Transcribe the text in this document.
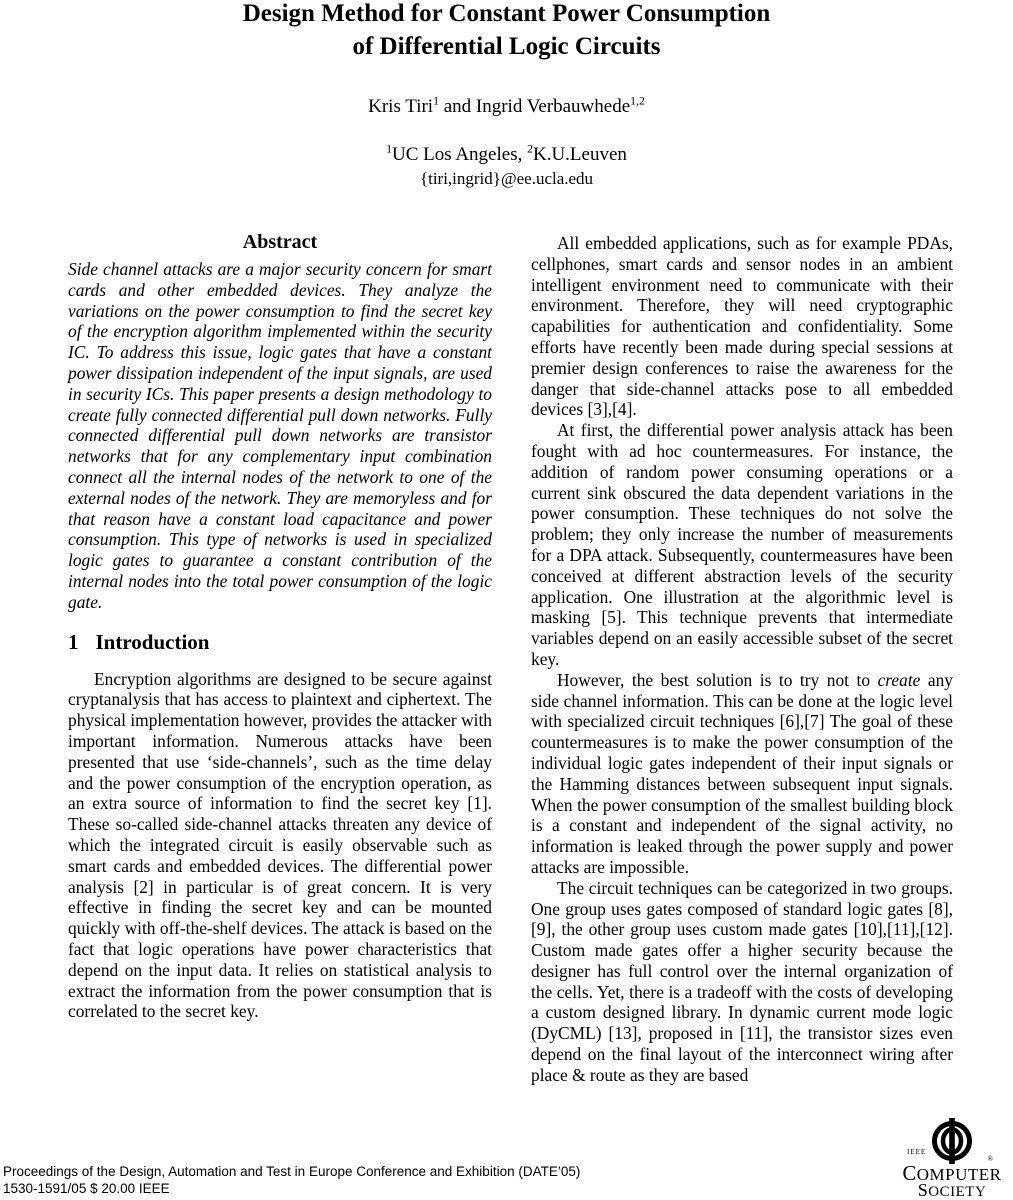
Design Method for Constant Power Consumption
of Differential Logic Circuits
Kris Tiri$^1$ and Ingrid Verbauwhede$^{1,2}$
$^1$UC Los Angeles, $^2$K.U.Leuven
{tiri,ingrid}@ee.ucla.edu
Abstract

Side channel attacks are a major security concern for smart cards and other embedded devices. They analyze the variations on the power consumption to find the secret key of the encryption algorithm implemented within the security IC. To address this issue, logic gates that have a constant power dissipation independent of the input signals, are used in security ICs. This paper presents a design methodology to create fully connected differential pull down networks. Fully connected differential pull down networks are transistor networks that for any complementary input combination connect all the internal nodes of the network to one of the external nodes of the network. They are memoryless and for that reason have a constant load capacitance and power consumption. This type of networks is used in specialized logic gates to guarantee a constant contribution of the internal nodes into the total power consumption of the logic gate.

1 Introduction

Encryption algorithms are designed to be secure against cryptanalysis that has access to plaintext and ciphertext. The physical implementation however, provides the attacker with important information. Numerous attacks have been presented that use ‘side-channels’, such as the time delay and the power consumption of the encryption operation, as an extra source of information to find the secret key [1]. These so-called side-channel attacks threaten any device of which the integrated circuit is easily observable such as smart cards and embedded devices. The differential power analysis [2] in particular is of great concern. It is very effective in finding the secret key and can be mounted quickly with off-the-shelf devices. The attack is based on the fact that logic operations have power characteristics that depend on the input data. It relies on statistical analysis to extract the information from the power consumption that is correlated to the secret key.

All embedded applications, such as for example PDAs, cellphones, smart cards and sensor nodes in an ambient intelligent environment need to communicate with their environment. Therefore, they will need cryptographic capabilities for authentication and confidentiality. Some efforts have recently been made during special sessions at premier design conferences to raise the awareness for the danger that side-channel attacks pose to all embedded devices [3],[4].

At first, the differential power analysis attack has been fought with ad hoc countermeasures. For instance, the addition of random power consuming operations or a current sink obscured the data dependent variations in the power consumption. These techniques do not solve the problem; they only increase the number of measurements for a DPA attack. Subsequently, countermeasures have been conceived at different abstraction levels of the security application. One illustration at the algorithmic level is masking [5]. This technique prevents that intermediate variables depend on an easily accessible subset of the secret key.

However, the best solution is to try not to create any side channel information. This can be done at the logic level with specialized circuit techniques [6],[7] The goal of these countermeasures is to make the power consumption of the individual logic gates independent of their input signals or the Hamming distances between subsequent input signals. When the power consumption of the smallest building block is a constant and independent of the signal activity, no information is leaked through the power supply and power attacks are impossible.

The circuit techniques can be categorized in two groups. One group uses gates composed of standard logic gates [8],[9], the other group uses custom made gates [10],[11],[12]. Custom made gates offer a higher security because the designer has full control over the internal organization of the cells. Yet, there is a tradeoff with the costs of developing a custom designed library. In dynamic current mode logic (DyCML) [13], proposed in [11], the transistor sizes even depend on the final layout of the interconnect wiring after place & route as they are based

Proceedings of the Design, Automation and Test in Europe Conference and Exhibition (DATE’05)
1530-1591/05 $ 20.00 IEEE
IEEE
®
COMPUTER
SOCIETY
